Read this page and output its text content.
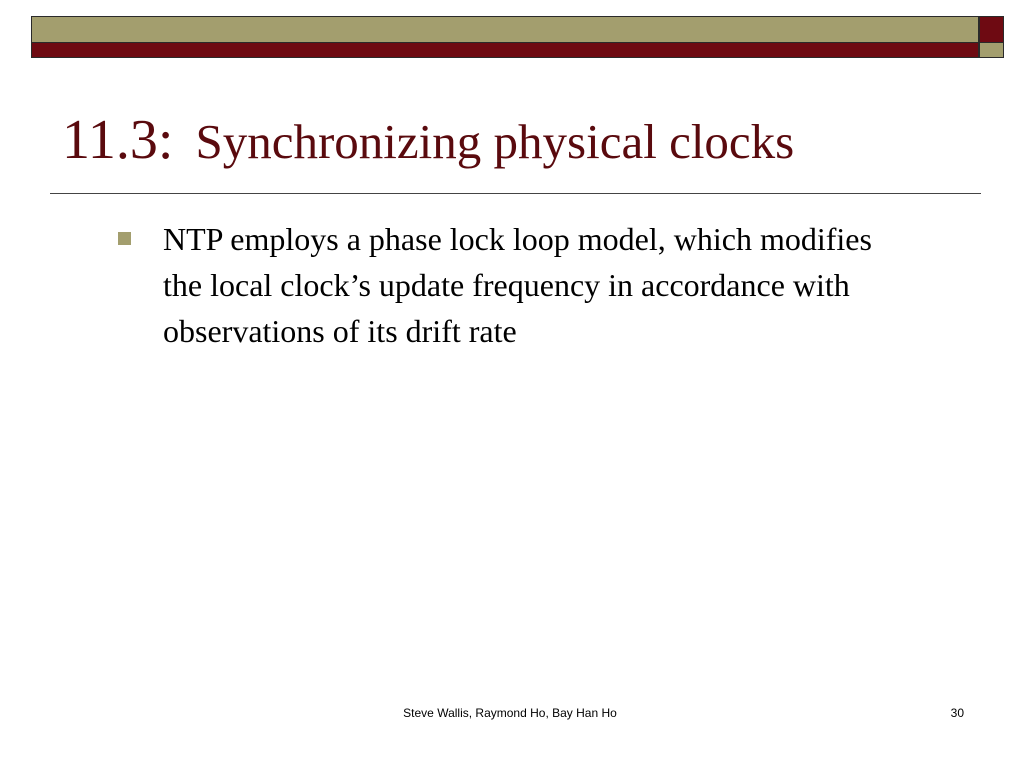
11.3: Synchronizing physical clocks
NTP employs a phase lock loop model, which modifies the local clock’s update frequency in accordance with observations of its drift rate
Steve Wallis, Raymond Ho, Bay Han Ho	30
